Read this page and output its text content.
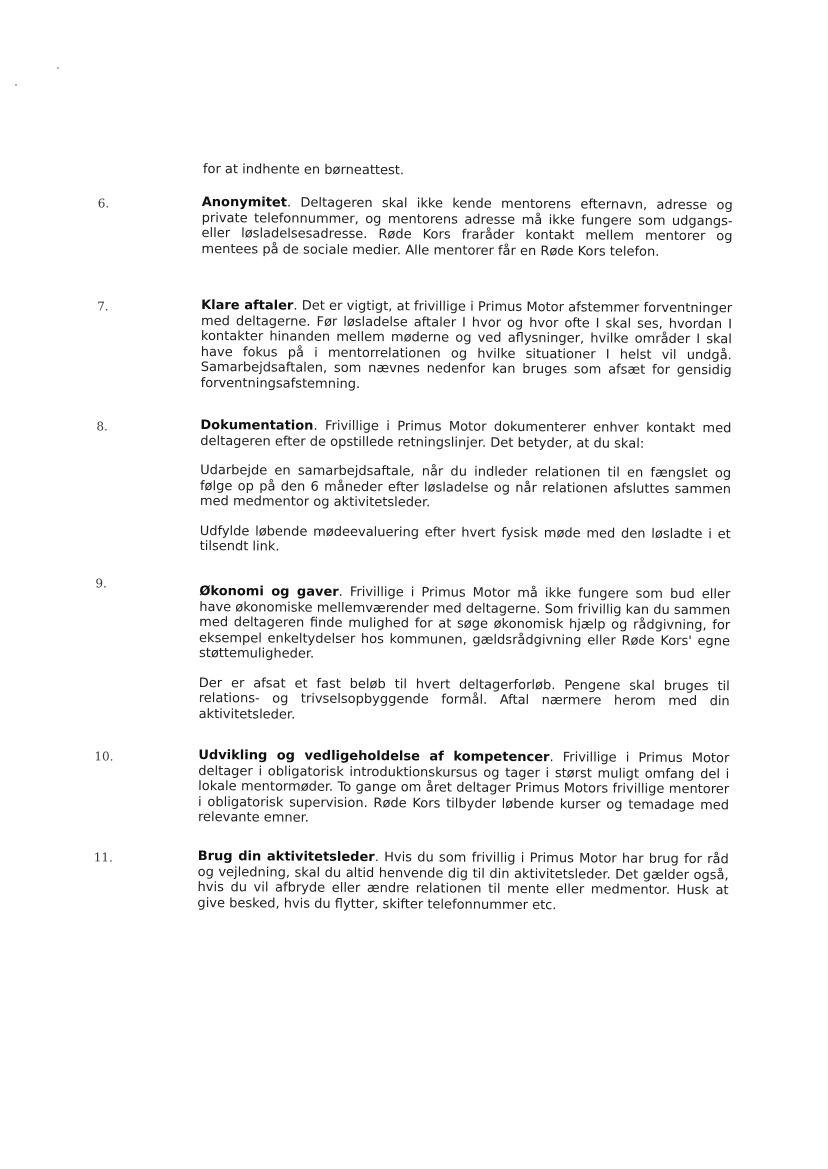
for at indhente en børneattest.

6.	Anonymitet. Deltageren skal ikke kende mentorens efternavn, adresse og private telefonnummer, og mentorens adresse må ikke fungere som udgangs- eller løsladelsesadresse. Røde Kors fraråder kontakt mellem mentorer og mentees på de sociale medier. Alle mentorer får en Røde Kors telefon.

7.	Klare aftaler. Det er vigtigt, at frivillige i Primus Motor afstemmer forventninger med deltagerne. Før løsladelse aftaler I hvor og hvor ofte I skal ses, hvordan I kontakter hinanden mellem møderne og ved aflysninger, hvilke områder I skal have fokus på i mentorrelationen og hvilke situationer I helst vil undgå. Samarbejdsaftalen, som nævnes nedenfor kan bruges som afsæt for gensidig forventningsafstemning.

8.	Dokumentation. Frivillige i Primus Motor dokumenterer enhver kontakt med deltageren efter de opstillede retningslinjer. Det betyder, at du skal:

Udarbejde en samarbejdsaftale, når du indleder relationen til en fængslet og følge op på den 6 måneder efter løsladelse og når relationen afsluttes sammen med medmentor og aktivitetsleder.

Udfylde løbende mødeevaluering efter hvert fysisk møde med den løsladte i et tilsendt link.

9.

Økonomi og gaver. Frivillige i Primus Motor må ikke fungere som bud eller have økonomiske mellemværender med deltagerne. Som frivillig kan du sammen med deltageren finde mulighed for at søge økonomisk hjælp og rådgivning, for eksempel enkeltydelser hos kommunen, gældsrådgivning eller Røde Kors' egne støttemuligheder.

Der er afsat et fast beløb til hvert deltagerforløb. Pengene skal bruges til relations- og trivselsopbyggende formål. Aftal nærmere herom med din aktivitetsleder.

10.	Udvikling og vedligeholdelse af kompetencer. Frivillige i Primus Motor deltager i obligatorisk introduktionskursus og tager i størst muligt omfang del i lokale mentormøder. To gange om året deltager Primus Motors frivillige mentorer i obligatorisk supervision. Røde Kors tilbyder løbende kurser og temadage med relevante emner.

11.	Brug din aktivitetsleder. Hvis du som frivillig i Primus Motor har brug for råd og vejledning, skal du altid henvende dig til din aktivitetsleder. Det gælder også, hvis du vil afbryde eller ændre relationen til mente eller medmentor. Husk at give besked, hvis du flytter, skifter telefonnummer etc.
